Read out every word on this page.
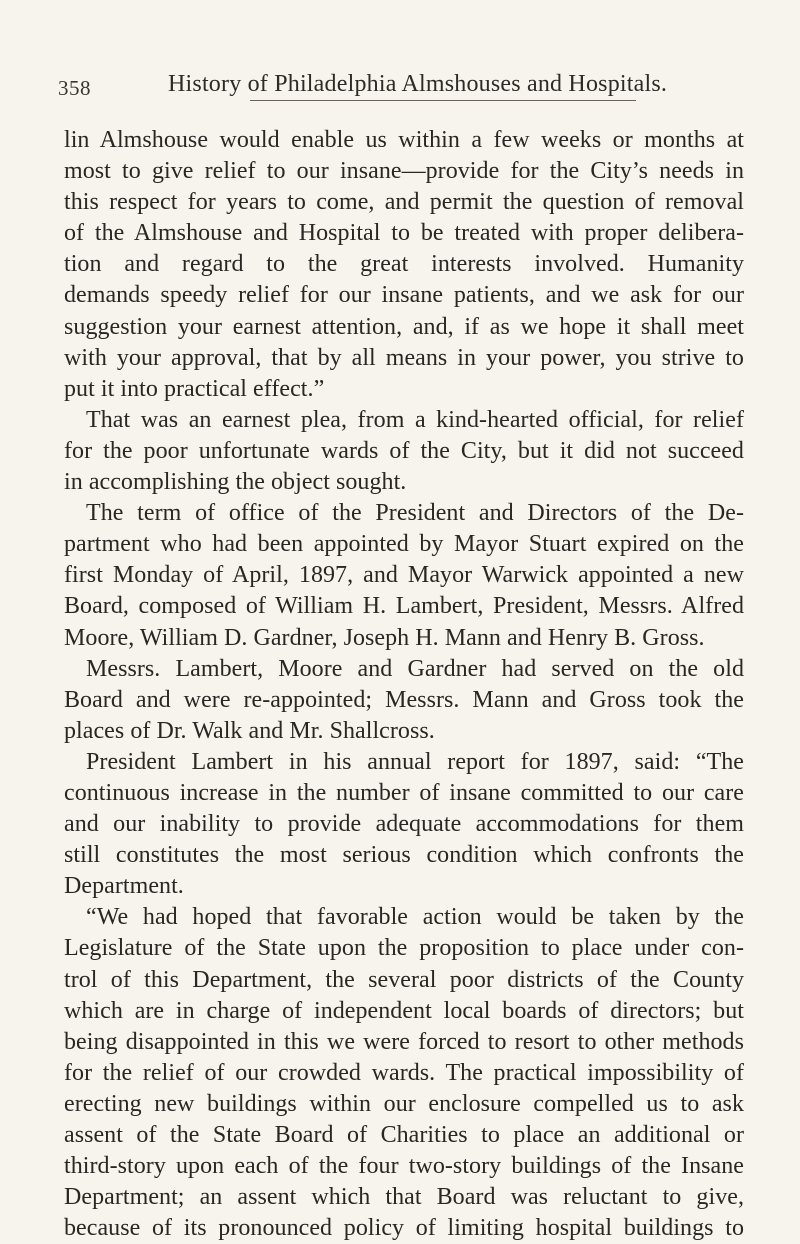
358	History of Philadelphia Almshouses and Hospitals.
lin Almshouse would enable us within a few weeks or months at
most to give relief to our insane—provide for the City’s needs in
this respect for years to come, and permit the question of removal
of the Almshouse and Hospital to be treated with proper delibera-
tion and regard to the great interests involved. Humanity
demands speedy relief for our insane patients, and we ask for our
suggestion your earnest attention, and, if as we hope it shall meet
with your approval, that by all means in your power, you strive to
put it into practical effect.”
That was an earnest plea, from a kind-hearted official, for relief
for the poor unfortunate wards of the City, but it did not succeed
in accomplishing the object sought.
The term of office of the President and Directors of the De-
partment who had been appointed by Mayor Stuart expired on the
first Monday of April, 1897, and Mayor Warwick appointed a new
Board, composed of William H. Lambert, President, Messrs. Alfred
Moore, William D. Gardner, Joseph H. Mann and Henry B. Gross.
Messrs. Lambert, Moore and Gardner had served on the old
Board and were re-appointed; Messrs. Mann and Gross took the
places of Dr. Walk and Mr. Shallcross.
President Lambert in his annual report for 1897, said: “The
continuous increase in the number of insane committed to our care
and our inability to provide adequate accommodations for them
still constitutes the most serious condition which confronts the
Department.
“We had hoped that favorable action would be taken by the
Legislature of the State upon the proposition to place under con-
trol of this Department, the several poor districts of the County
which are in charge of independent local boards of directors; but
being disappointed in this we were forced to resort to other methods
for the relief of our crowded wards. The practical impossibility of
erecting new buildings within our enclosure compelled us to ask
assent of the State Board of Charities to place an additional or
third-story upon each of the four two-story buildings of the Insane
Department; an assent which that Board was reluctant to give,
because of its pronounced policy of limiting hospital buildings to
